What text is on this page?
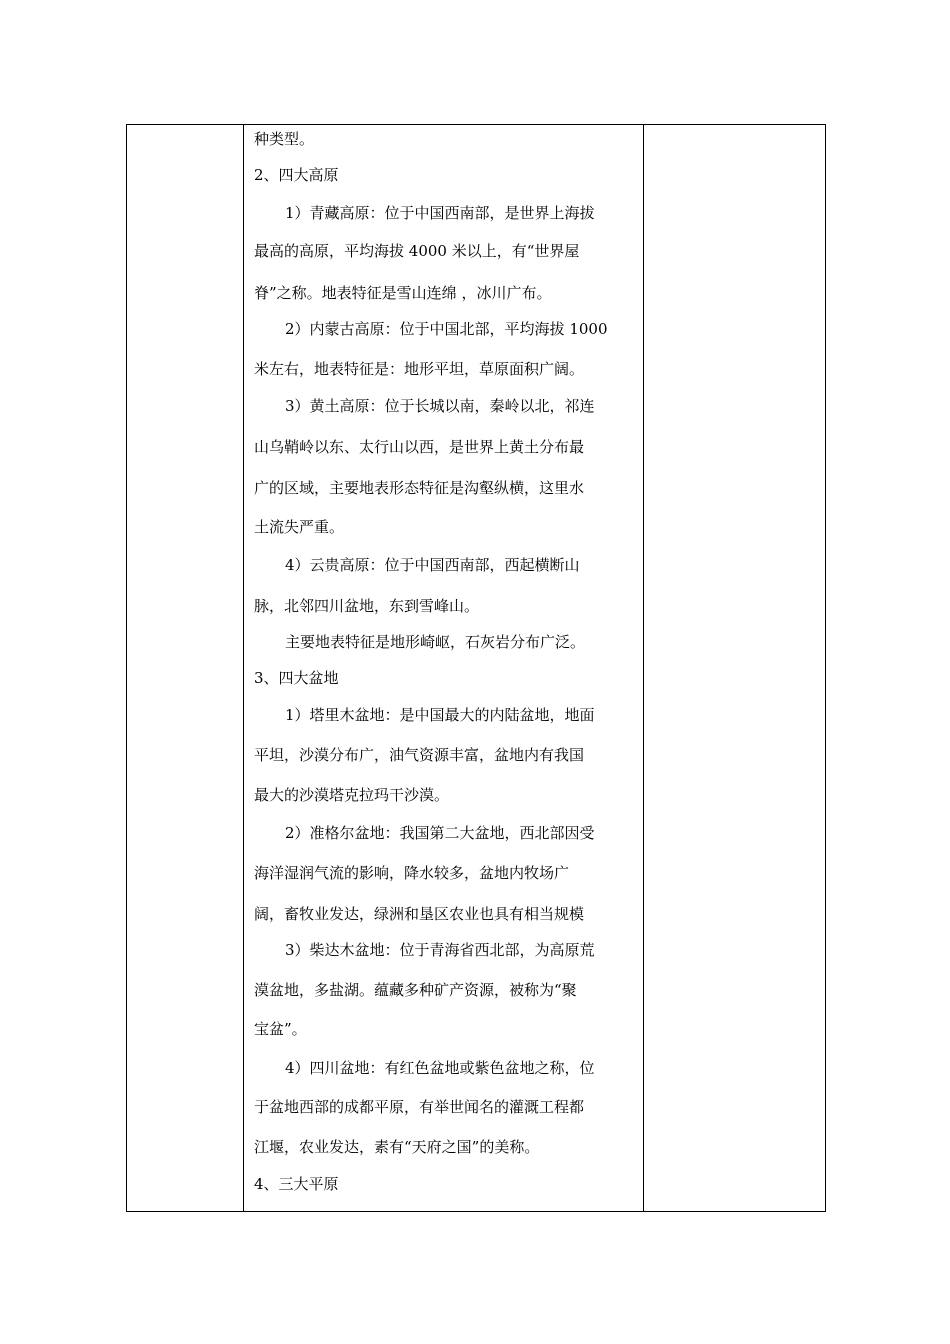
种类型。
2、四大高原
1）青藏高原：位于中国西南部，是世界上海拔
最高的高原，平均海拔 4000 米以上，有“世界屋
脊”之称。地表特征是雪山连绵 ，冰川广布。
2）内蒙古高原：位于中国北部，平均海拔 1000
米左右，地表特征是：地形平坦，草原面积广阔。
3）黄土高原：位于长城以南，秦岭以北，祁连
山乌鞘岭以东、太行山以西，是世界上黄土分布最
广的区域，主要地表形态特征是沟壑纵横，这里水
土流失严重。
4）云贵高原：位于中国西南部，西起横断山
脉，北邻四川盆地，东到雪峰山。
主要地表特征是地形崎岖，石灰岩分布广泛。
3、四大盆地
1）塔里木盆地：是中国最大的内陆盆地，地面
平坦，沙漠分布广，油气资源丰富，盆地内有我国
最大的沙漠塔克拉玛干沙漠。
2）准格尔盆地：我国第二大盆地，西北部因受
海洋湿润气流的影响，降水较多，盆地内牧场广
阔，畜牧业发达，绿洲和垦区农业也具有相当规模
3）柴达木盆地：位于青海省西北部，为高原荒
漠盆地，多盐湖。蕴藏多种矿产资源，被称为“聚
宝盆”。
4）四川盆地：有红色盆地或紫色盆地之称，位
于盆地西部的成都平原，有举世闻名的灌溉工程都
江堰，农业发达，素有“天府之国”的美称。
4、三大平原
